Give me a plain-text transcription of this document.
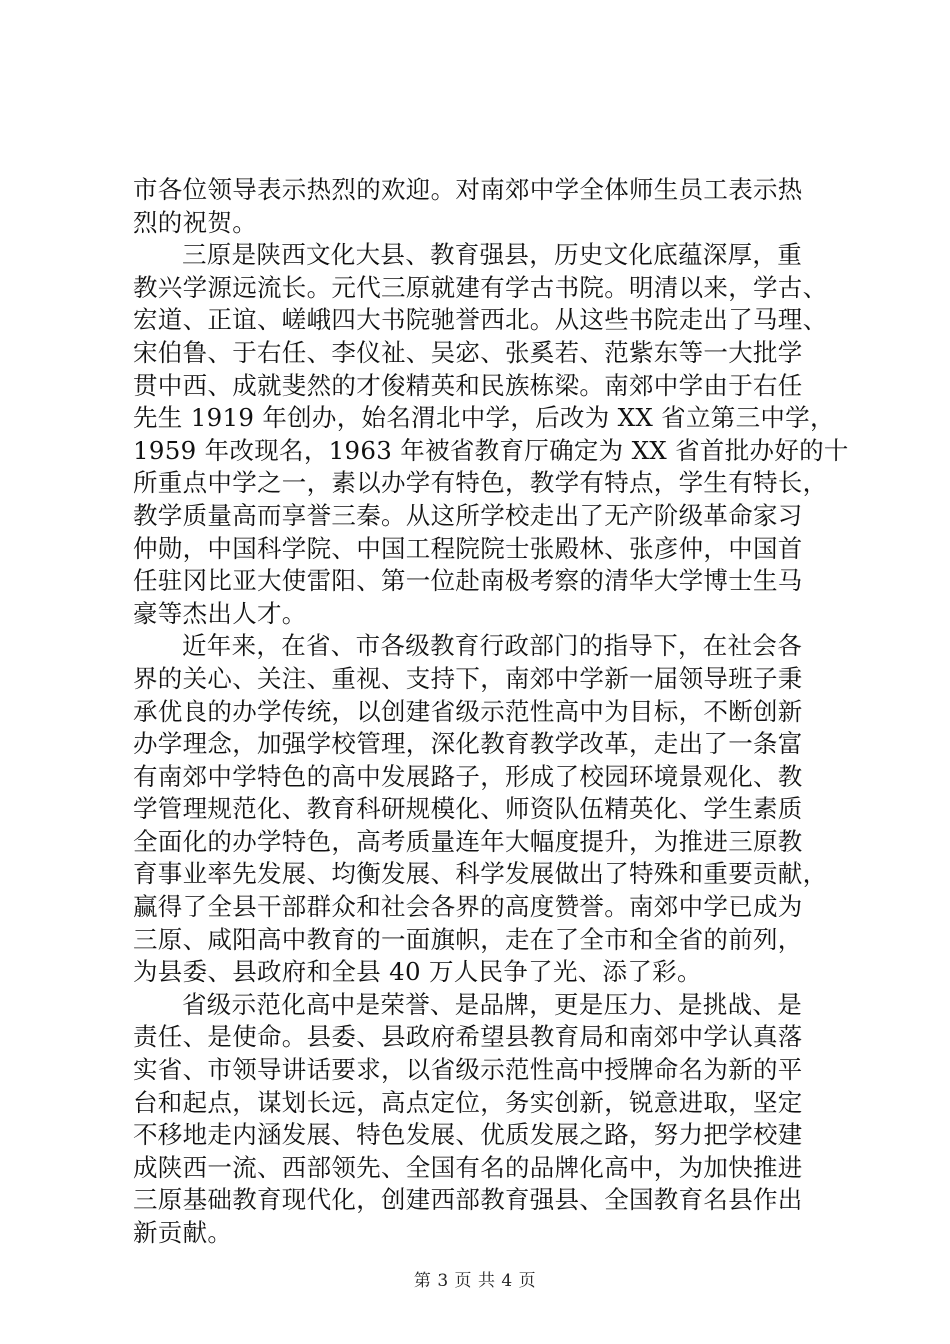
市各位领导表示热烈的欢迎。对南郊中学全体师生员工表示热
烈的祝贺。
三原是陕西文化大县、教育强县，历史文化底蕴深厚，重
教兴学源远流长。元代三原就建有学古书院。明清以来，学古、
宏道、正谊、嵯峨四大书院驰誉西北。从这些书院走出了马理、
宋伯鲁、于右任、李仪祉、吴宓、张奚若、范紫东等一大批学
贯中西、成就斐然的才俊精英和民族栋梁。南郊中学由于右任
先生 1919 年创办，始名渭北中学，后改为 XX 省立第三中学，
1959 年改现名，1963 年被省教育厅确定为 XX 省首批办好的十
所重点中学之一，素以办学有特色，教学有特点，学生有特长，
教学质量高而享誉三秦。从这所学校走出了无产阶级革命家习
仲勋，中国科学院、中国工程院院士张殿林、张彦仲，中国首
任驻冈比亚大使雷阳、第一位赴南极考察的清华大学博士生马
豪等杰出人才。
近年来，在省、市各级教育行政部门的指导下，在社会各
界的关心、关注、重视、支持下，南郊中学新一届领导班子秉
承优良的办学传统，以创建省级示范性高中为目标，不断创新
办学理念，加强学校管理，深化教育教学改革，走出了一条富
有南郊中学特色的高中发展路子，形成了校园环境景观化、教
学管理规范化、教育科研规模化、师资队伍精英化、学生素质
全面化的办学特色，高考质量连年大幅度提升，为推进三原教
育事业率先发展、均衡发展、科学发展做出了特殊和重要贡献，
赢得了全县干部群众和社会各界的高度赞誉。南郊中学已成为
三原、咸阳高中教育的一面旗帜，走在了全市和全省的前列，
为县委、县政府和全县 40 万人民争了光、添了彩。
省级示范化高中是荣誉、是品牌，更是压力、是挑战、是
责任、是使命。县委、县政府希望县教育局和南郊中学认真落
实省、市领导讲话要求，以省级示范性高中授牌命名为新的平
台和起点，谋划长远，高点定位，务实创新，锐意进取，坚定
不移地走内涵发展、特色发展、优质发展之路，努力把学校建
成陕西一流、西部领先、全国有名的品牌化高中，为加快推进
三原基础教育现代化，创建西部教育强县、全国教育名县作出
新贡献。
第 3 页 共 4 页
